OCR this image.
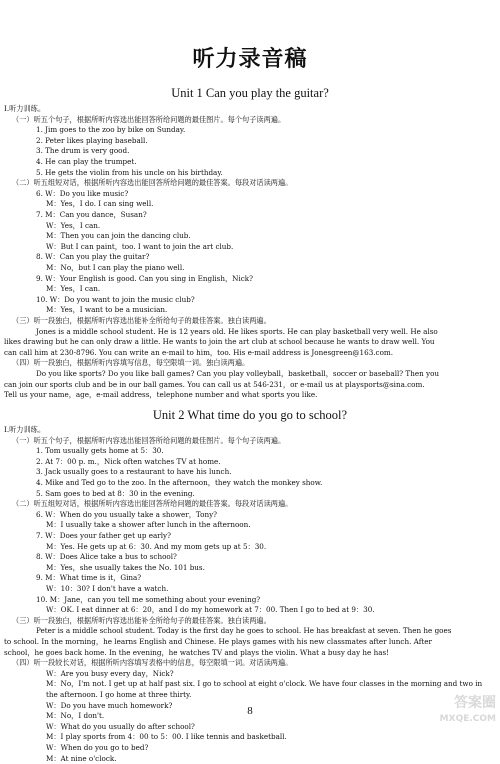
听力录音稿
Unit 1 Can you play the guitar?
Ⅰ.听力训练。
（一）听五个句子，根据所听内容选出能回答所给问题的最佳图片。每个句子读两遍。
1. Jim goes to the zoo by bike on Sunday.
2. Peter likes playing baseball.
3. The drum is very good.
4. He can play the trumpet.
5. He gets the violin from his uncle on his birthday.
（二）听五组短对话，根据所听内容选出能回答所给问题的最佳答案。每段对话读两遍。
6. W：Do you like music?
M：Yes，I do. I can sing well.
7. M：Can you dance，Susan?
W：Yes，I can.
M：Then you can join the dancing club.
W：But I can paint，too. I want to join the art club.
8. W：Can you play the guitar?
M：No，but I can play the piano well.
9. W：Your English is good. Can you sing in English，Nick?
M：Yes，I can.
10. W：Do you want to join the music club?
M：Yes，I want to be a musician.
（三）听一段独白，根据所听内容选出能补全所给句子的最佳答案。独白读两遍。
Jones is a middle school student. He is 12 years old. He likes sports. He can play basketball very well. He also
likes drawing but he can only draw a little. He wants to join the art club at school because he wants to draw well. You
can call him at 230-8796. You can write an e-mail to him，too. His e-mail address is Jonesgreen@163.com.
（四）听一段独白，根据所听内容填写信息，每空限填一词。独白读两遍。
Do you like sports? Do you like ball games? Can you play volleyball，basketball，soccer or baseball? Then you
can join our sports club and be in our ball games. You can call us at 546-231，or e-mail us at playsports@sina.com.
Tell us your name，age，e-mail address，telephone number and what sports you like.
Unit 2 What time do you go to school?
Ⅰ.听力训练。
（一）听五个句子，根据所听内容选出能回答所给问题的最佳图片。每个句子读两遍。
1. Tom usually gets home at 5：30.
2. At 7：00 p. m.，Nick often watches TV at home.
3. Jack usually goes to a restaurant to have his lunch.
4. Mike and Ted go to the zoo. In the afternoon，they watch the monkey show.
5. Sam goes to bed at 8：30 in the evening.
（二）听五组短对话，根据所听内容选出能回答所给问题的最佳答案。每段对话读两遍。
6. W：When do you usually take a shower，Tony?
M：I usually take a shower after lunch in the afternoon.
7. W：Does your father get up early?
M：Yes. He gets up at 6：30. And my mom gets up at 5：30.
8. W：Does Alice take a bus to school?
M：Yes，she usually takes the No. 101 bus.
9. M：What time is it，Gina?
W：10：30? I don't have a watch.
10. M：Jane，can you tell me something about your evening?
W：OK. I eat dinner at 6：20，and I do my homework at 7：00. Then I go to bed at 9：30.
（三）听一段独白，根据所听内容选出能补全所给句子的最佳答案。独白读两遍。
Peter is a middle school student. Today is the first day he goes to school. He has breakfast at seven. Then he goes
to school. In the morning，he learns English and Chinese. He plays games with his new classmates after lunch. After
school，he goes back home. In the evening，he watches TV and plays the violin. What a busy day he has!
（四）听一段较长对话，根据所听内容填写表格中的信息，每空限填一词。对话读两遍。
W：Are you busy every day，Nick?
M：No，I'm not. I get up at half past six. I go to school at eight o'clock. We have four classes in the morning and two in
the afternoon. I go home at three thirty.
W：Do you have much homework?
M：No，I don't.
W：What do you usually do after school?
M：I play sports from 4：00 to 5：00. I like tennis and basketball.
W：When do you go to bed?
M：At nine o'clock.
8	答案圈
MXQE.COM
